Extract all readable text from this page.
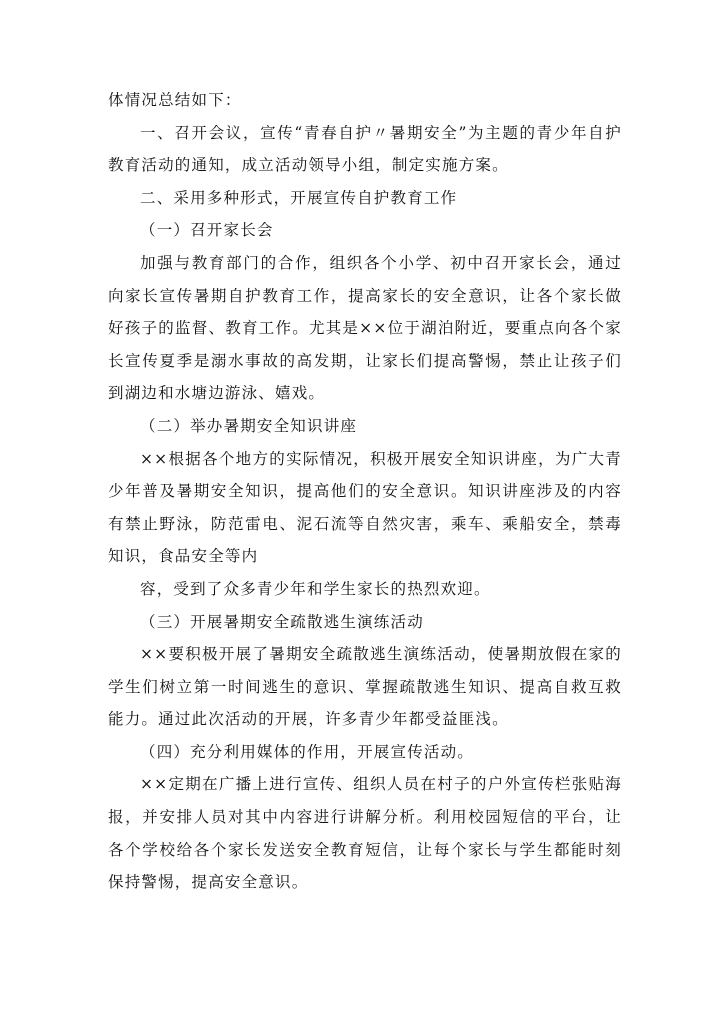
体情况总结如下：

一、召开会议，宣传“青春自护〃暑期安全”为主题的青少年自护教育活动的通知，成立活动领导小组，制定实施方案。

二、采用多种形式，开展宣传自护教育工作

（一）召开家长会

加强与教育部门的合作，组织各个小学、初中召开家长会，通过向家长宣传暑期自护教育工作，提高家长的安全意识，让各个家长做好孩子的监督、教育工作。尤其是××位于湖泊附近，要重点向各个家长宣传夏季是溺水事故的高发期，让家长们提高警惕，禁止让孩子们到湖边和水塘边游泳、嬉戏。

（二）举办暑期安全知识讲座

××根据各个地方的实际情况，积极开展安全知识讲座，为广大青少年普及暑期安全知识，提高他们的安全意识。知识讲座涉及的内容有禁止野泳，防范雷电、泥石流等自然灾害，乘车、乘船安全，禁毒知识，食品安全等内

容，受到了众多青少年和学生家长的热烈欢迎。

（三）开展暑期安全疏散逃生演练活动

××要积极开展了暑期安全疏散逃生演练活动，使暑期放假在家的学生们树立第一时间逃生的意识、掌握疏散逃生知识、提高自救互救能力。通过此次活动的开展，许多青少年都受益匪浅。

（四）充分利用媒体的作用，开展宣传活动。

××定期在广播上进行宣传、组织人员在村子的户外宣传栏张贴海报，并安排人员对其中内容进行讲解分析。利用校园短信的平台，让各个学校给各个家长发送安全教育短信，让每个家长与学生都能时刻保持警惕，提高安全意识。
